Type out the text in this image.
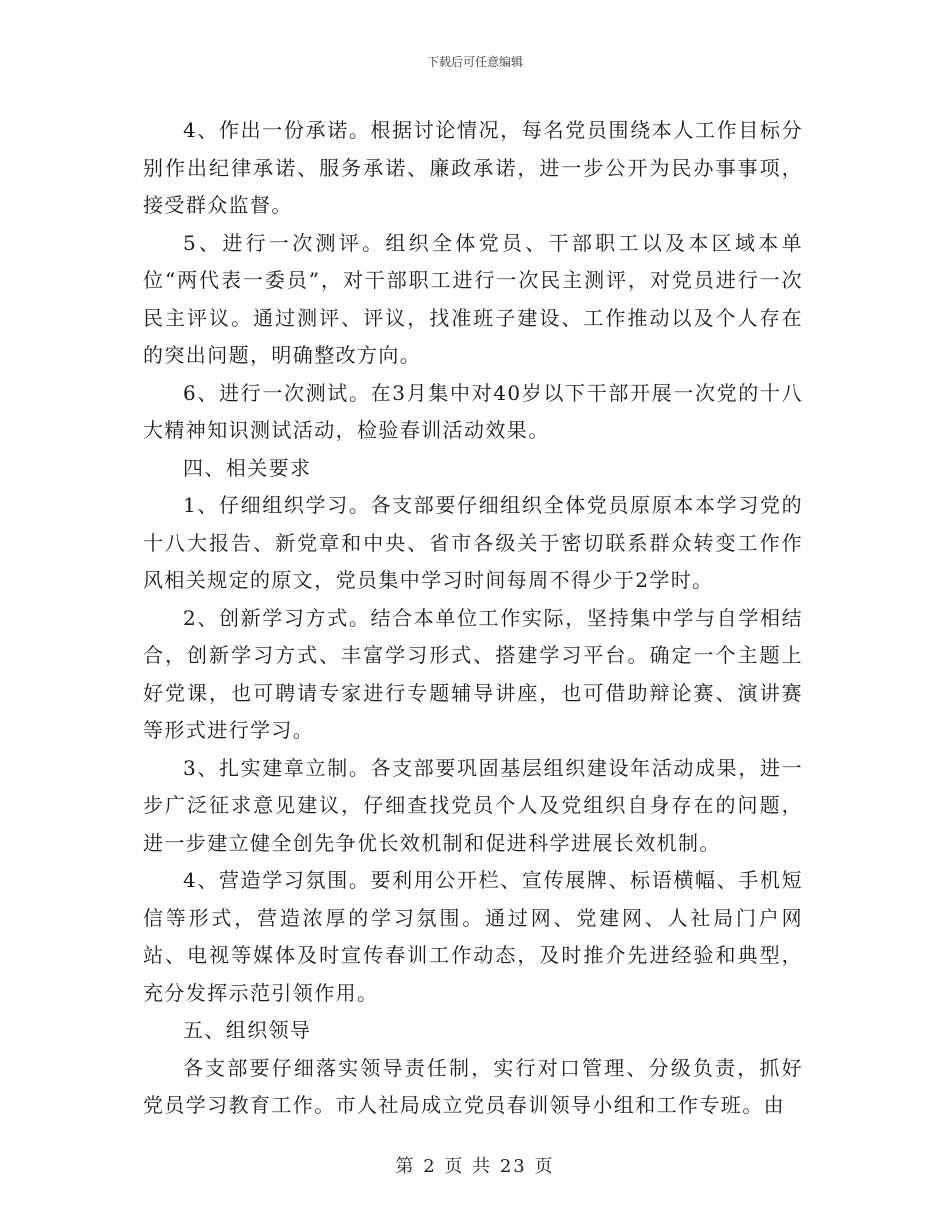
下载后可任意编辑

4、作出一份承诺。根据讨论情况，每名党员围绕本人工作目标分别作出纪律承诺、服务承诺、廉政承诺，进一步公开为民办事事项，接受群众监督。

5、进行一次测评。组织全体党员、干部职工以及本区域本单位“两代表一委员”，对干部职工进行一次民主测评，对党员进行一次民主评议。通过测评、评议，找准班子建设、工作推动以及个人存在的突出问题，明确整改方向。

6、进行一次测试。在3月集中对40岁以下干部开展一次党的十八大精神知识测试活动，检验春训活动效果。

四、相关要求

1、仔细组织学习。各支部要仔细组织全体党员原原本本学习党的十八大报告、新党章和中央、省市各级关于密切联系群众转变工作作风相关规定的原文，党员集中学习时间每周不得少于2学时。

2、创新学习方式。结合本单位工作实际，坚持集中学与自学相结合，创新学习方式、丰富学习形式、搭建学习平台。确定一个主题上好党课，也可聘请专家进行专题辅导讲座，也可借助辩论赛、演讲赛等形式进行学习。

3、扎实建章立制。各支部要巩固基层组织建设年活动成果，进一步广泛征求意见建议，仔细查找党员个人及党组织自身存在的问题，进一步建立健全创先争优长效机制和促进科学进展长效机制。

4、营造学习氛围。要利用公开栏、宣传展牌、标语横幅、手机短信等形式，营造浓厚的学习氛围。通过网、党建网、人社局门户网站、电视等媒体及时宣传春训工作动态，及时推介先进经验和典型，充分发挥示范引领作用。

五、组织领导

各支部要仔细落实领导责任制，实行对口管理、分级负责，抓好党员学习教育工作。市人社局成立党员春训领导小组和工作专班。由

第 2 页 共 23 页
